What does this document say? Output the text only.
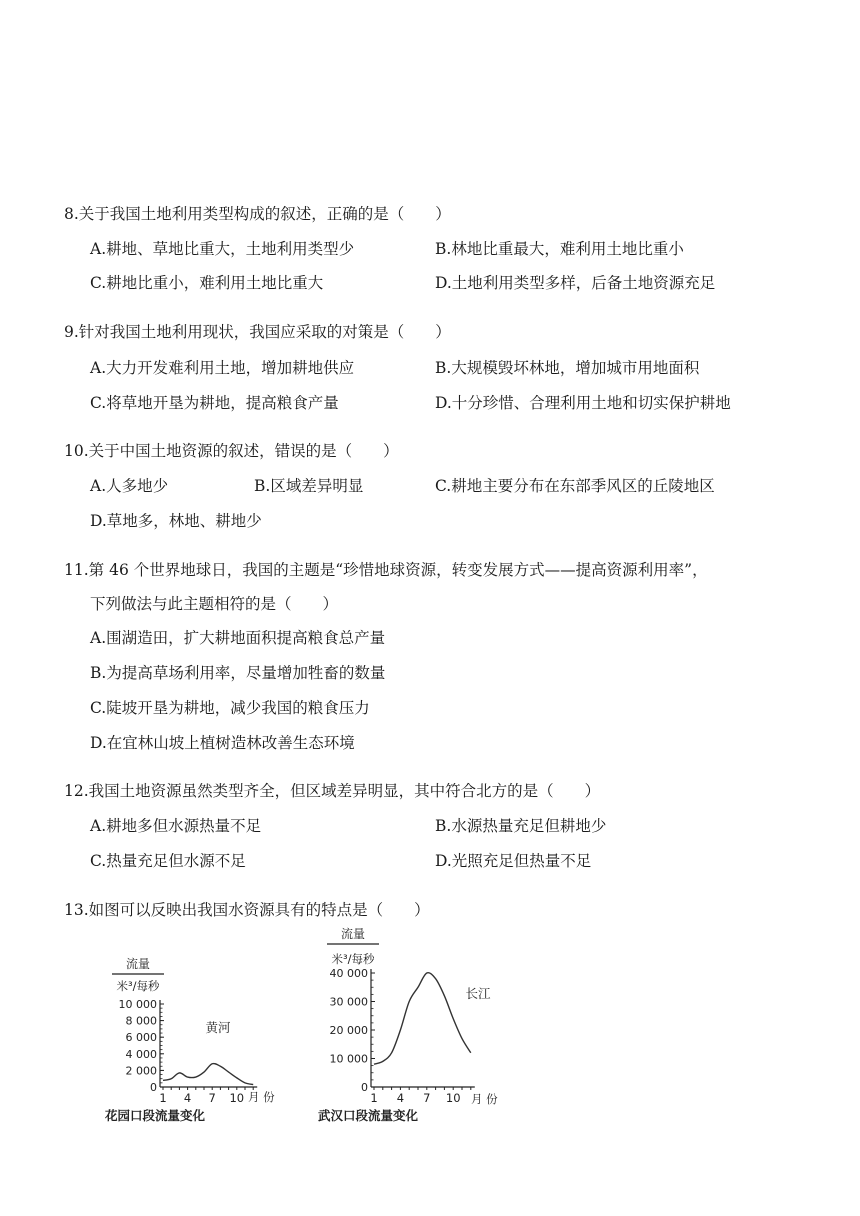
8.关于我国土地利用类型构成的叙述，正确的是（　　）
A.耕地、草地比重大，土地利用类型少	B.林地比重最大，难利用土地比重小
C.耕地比重小，难利用土地比重大	D.土地利用类型多样，后备土地资源充足
9.针对我国土地利用现状，我国应采取的对策是（　　）
A.大力开发难利用土地，增加耕地供应	B.大规模毁坏林地，增加城市用地面积
C.将草地开垦为耕地，提高粮食产量	D.十分珍惜、合理利用土地和切实保护耕地
10.关于中国土地资源的叙述，错误的是（　　）
A.人多地少	B.区域差异明显	C.耕地主要分布在东部季风区的丘陵地区
D.草地多，林地、耕地少
11.第 46 个世界地球日，我国的主题是“珍惜地球资源，转变发展方式——提高资源利用率”，
下列做法与此主题相符的是（　　）
A.围湖造田，扩大耕地面积提高粮食总产量
B.为提高草场利用率，尽量增加牲畜的数量
C.陡坡开垦为耕地，减少我国的粮食压力
D.在宜林山坡上植树造林改善生态环境
12.我国土地资源虽然类型齐全，但区域差异明显，其中符合北方的是（　　）
A.耕地多但水源热量不足	B.水源热量充足但耕地少
C.热量充足但水源不足	D.光照充足但热量不足
13.如图可以反映出我国水资源具有的特点是（　　）
流量
米³/每秒
0
2 000
4 000
6 000
8 000
10 000
1 4 7 10 月 份
黄河
花园口段流量变化
流量
米³/每秒
0
10 000
20 000
30 000
40 000
1 4 7 10 月 份
长江
武汉口段流量变化
